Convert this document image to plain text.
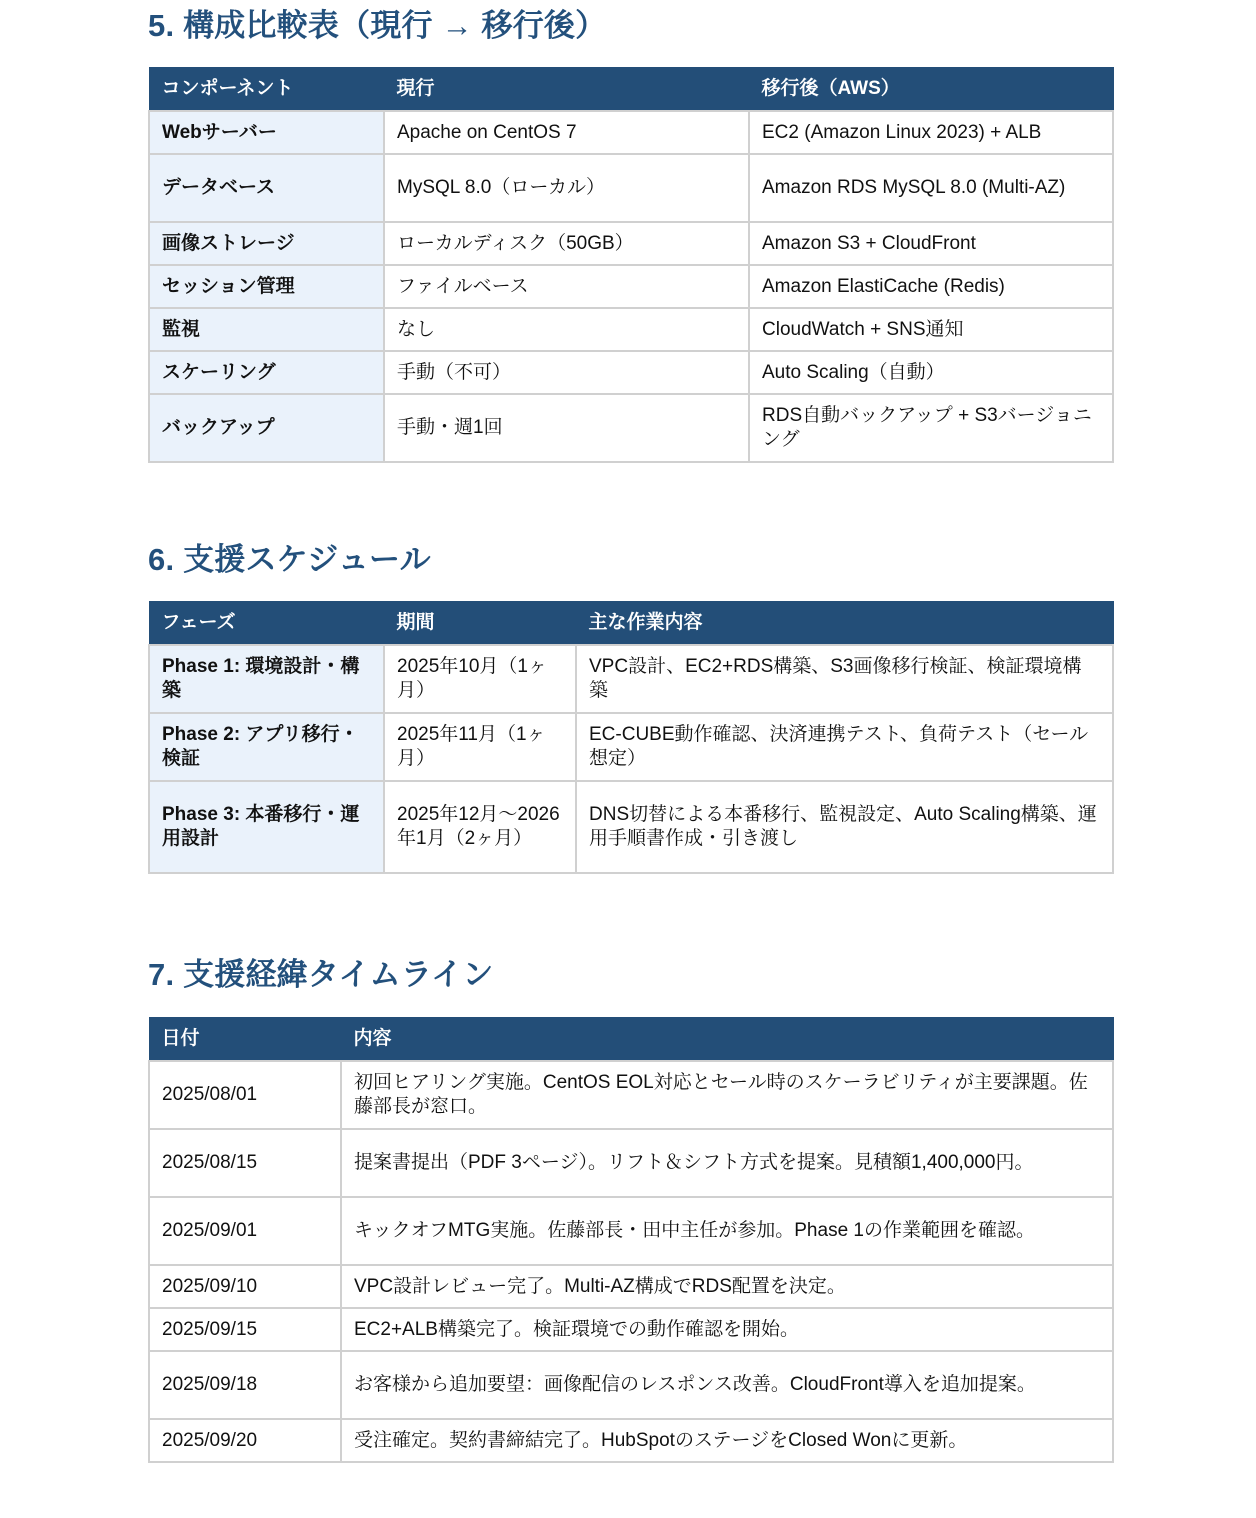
5. 構成比較表（現行 → 移行後）
コンポーネント	現行	移行後（AWS）
Webサーバー	Apache on CentOS 7	EC2 (Amazon Linux 2023) + ALB
データベース	MySQL 8.0（ローカル）	Amazon RDS MySQL 8.0 (Multi-AZ)
画像ストレージ	ローカルディスク（50GB）	Amazon S3 + CloudFront
セッション管理	ファイルベース	Amazon ElastiCache (Redis)
監視	なし	CloudWatch + SNS通知
スケーリング	手動（不可）	Auto Scaling（自動）
バックアップ	手動・週1回	RDS自動バックアップ + S3バージョニング
6. 支援スケジュール
フェーズ	期間	主な作業内容
Phase 1: 環境設計・構築	2025年10月（1ヶ月）	VPC設計、EC2+RDS構築、S3画像移行検証、検証環境構築
Phase 2: アプリ移行・検証	2025年11月（1ヶ月）	EC-CUBE動作確認、決済連携テスト、負荷テスト（セール想定）
Phase 3: 本番移行・運用設計	2025年12月〜2026年1月（2ヶ月）	DNS切替による本番移行、監視設定、Auto Scaling構築、運用手順書作成・引き渡し
7. 支援経緯タイムライン
日付	内容
2025/08/01	初回ヒアリング実施。CentOS EOL対応とセール時のスケーラビリティが主要課題。佐藤部長が窓口。
2025/08/15	提案書提出（PDF 3ページ）。リフト＆シフト方式を提案。見積額1,400,000円。
2025/09/01	キックオフMTG実施。佐藤部長・田中主任が参加。Phase 1の作業範囲を確認。
2025/09/10	VPC設計レビュー完了。Multi-AZ構成でRDS配置を決定。
2025/09/15	EC2+ALB構築完了。検証環境での動作確認を開始。
2025/09/18	お客様から追加要望：画像配信のレスポンス改善。CloudFront導入を追加提案。
2025/09/20	受注確定。契約書締結完了。HubSpotのステージをClosed Wonに更新。
